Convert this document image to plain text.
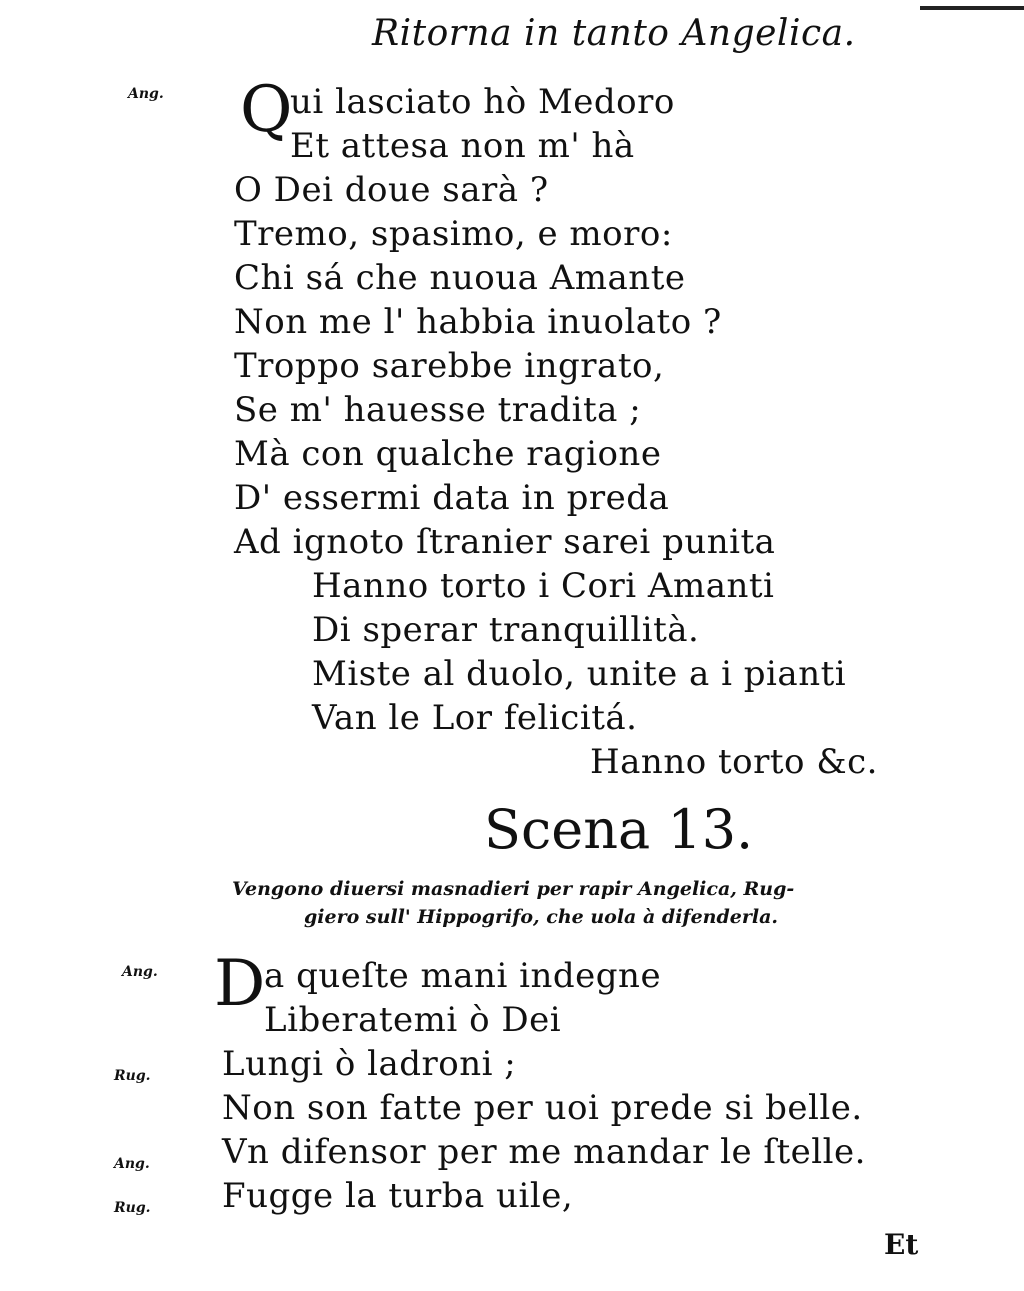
Ritorna in tanto Angelica.
Ang. Q
ui lasciato hò Medoro
Et attesa non m' hà
O Dei doue sarà ?
Tremo, spasimo, e moro:
Chi sá che nuoua Amante
Non me l' habbia inuolato ?
Troppo sarebbe ingrato,
Se m' hauesse tradita ;
Mà con qualche ragione
D' essermi data in preda
Ad ignoto ſtranier sarei punita
Hanno torto i Cori Amanti
Di sperar tranquillità.
Miste al duolo, unite a i pianti
Van le Lor felicitá.
Hanno torto &c.
Scena 13.
Vengono diuersi masnadieri per rapir Angelica, Rug-
giero sull' Hippogrifo, che uola à difenderla.
Ang. D
a queſte mani indegne
Liberatemi ò Dei
Rug. Lungi ò ladroni ;
Non son fatte per uoi prede si belle.
Ang. Vn difensor per me mandar le ſtelle.
Rug. Fugge la turba uile,
Et
